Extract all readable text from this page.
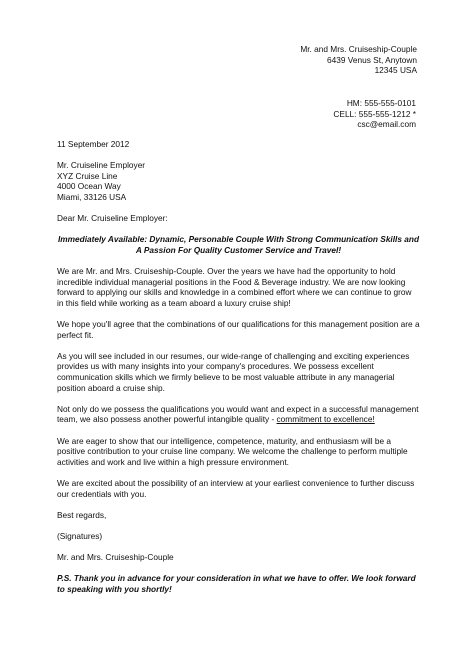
Mr. and Mrs. Cruiseship-Couple
6439 Venus St, Anytown
12345 USA
HM: 555-555-0101
CELL: 555-555-1212 *
csc@email.com
11 September 2012
Mr. Cruiseline Employer
XYZ Cruise Line
4000 Ocean Way
Miami, 33126 USA
Dear Mr. Cruiseline Employer:
Immediately Available: Dynamic, Personable Couple With Strong Communication Skills and A Passion For Quality Customer Service and Travel!
We are Mr. and Mrs. Cruiseship-Couple. Over the years we have had the opportunity to hold incredible individual managerial positions in the Food & Beverage industry. We are now looking forward to applying our skills and knowledge in a combined effort where we can continue to grow in this field while working as a team aboard a luxury cruise ship!
We hope you'll agree that the combinations of our qualifications for this management position are a perfect fit.
As you will see included in our resumes, our wide-range of challenging and exciting experiences provides us with many insights into your company's procedures. We possess excellent communication skills which we firmly believe to be most valuable attribute in any managerial position aboard a cruise ship.
Not only do we possess the qualifications you would want and expect in a successful management team, we also possess another powerful intangible quality - commitment to excellence!
We are eager to show that our intelligence, competence, maturity, and enthusiasm will be a positive contribution to your cruise line company. We welcome the challenge to perform multiple activities and work and live within a high pressure environment.
We are excited about the possibility of an interview at your earliest convenience to further discuss our credentials with you.
Best regards,
(Signatures)
Mr. and Mrs. Cruiseship-Couple
P.S. Thank you in advance for your consideration in what we have to offer. We look forward to speaking with you shortly!
